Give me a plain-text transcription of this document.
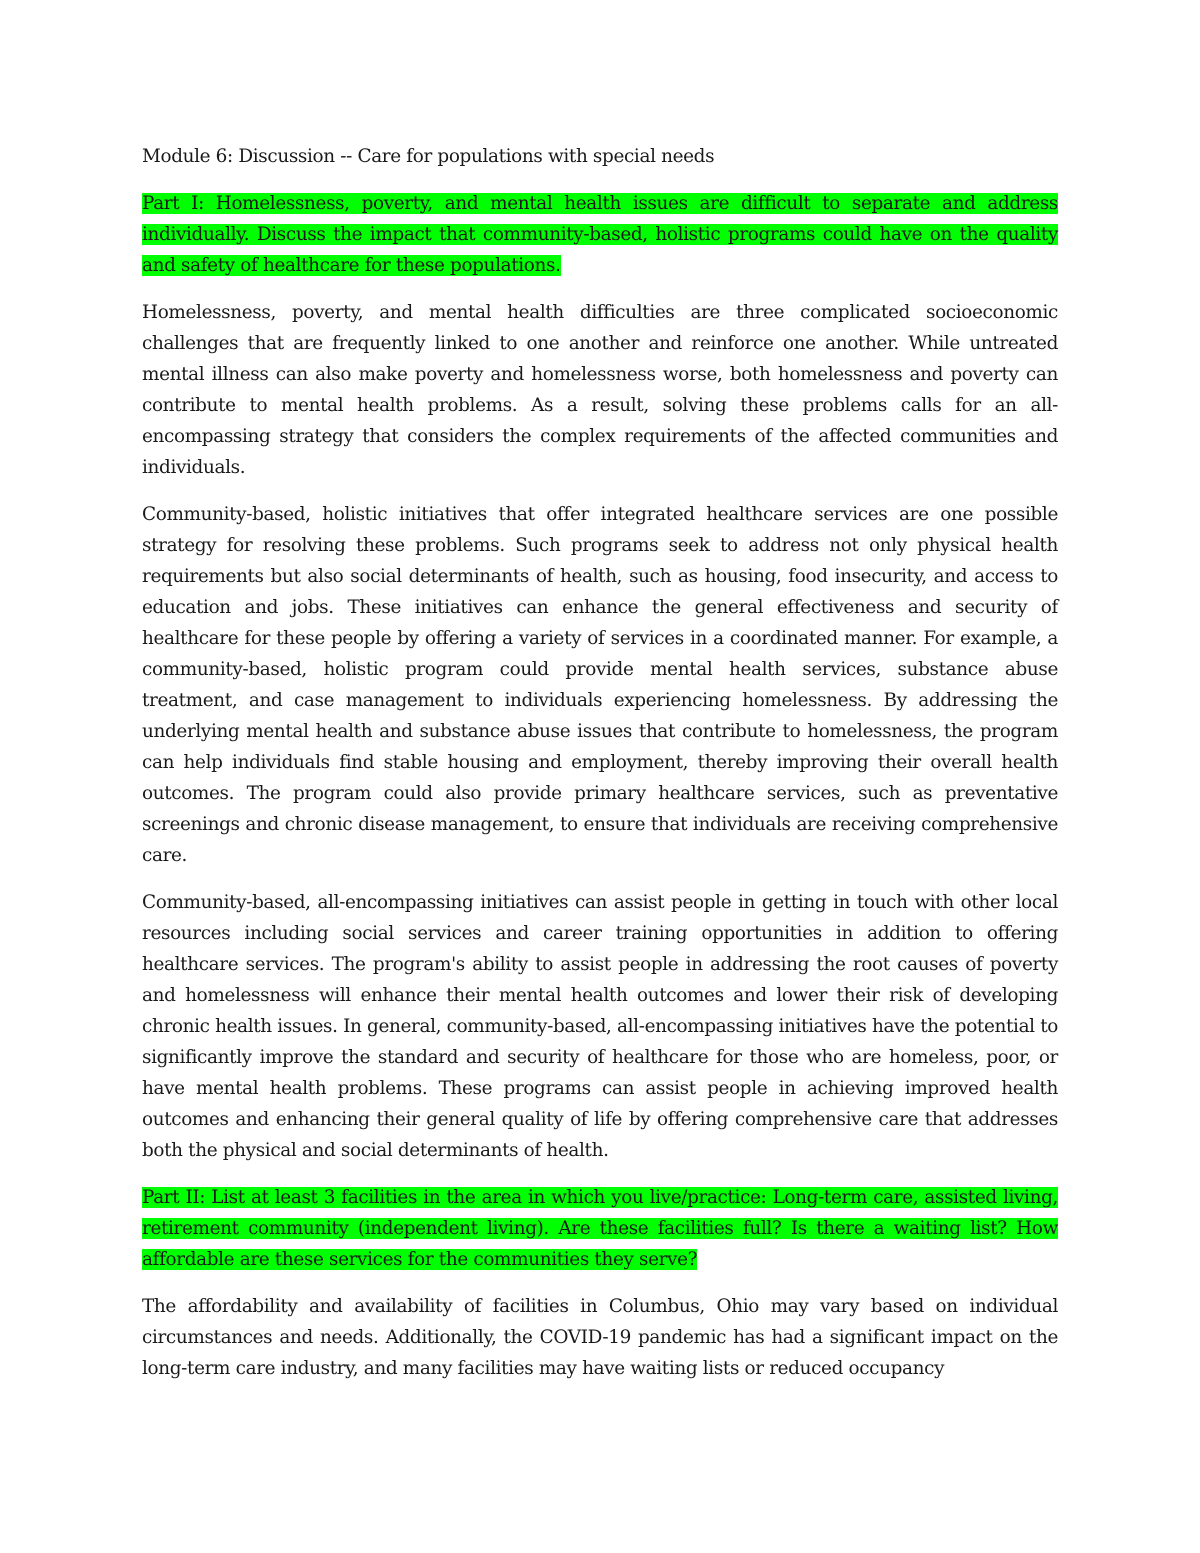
Module 6: Discussion -- Care for populations with special needs

Part I: Homelessness, poverty, and mental health issues are difficult to separate and address individually. Discuss the impact that community-based, holistic programs could have on the quality and safety of healthcare for these populations.

Homelessness, poverty, and mental health difficulties are three complicated socioeconomic challenges that are frequently linked to one another and reinforce one another. While untreated mental illness can also make poverty and homelessness worse, both homelessness and poverty can contribute to mental health problems. As a result, solving these problems calls for an all-encompassing strategy that considers the complex requirements of the affected communities and individuals.

Community-based, holistic initiatives that offer integrated healthcare services are one possible strategy for resolving these problems. Such programs seek to address not only physical health requirements but also social determinants of health, such as housing, food insecurity, and access to education and jobs. These initiatives can enhance the general effectiveness and security of healthcare for these people by offering a variety of services in a coordinated manner. For example, a community-based, holistic program could provide mental health services, substance abuse treatment, and case management to individuals experiencing homelessness. By addressing the underlying mental health and substance abuse issues that contribute to homelessness, the program can help individuals find stable housing and employment, thereby improving their overall health outcomes. The program could also provide primary healthcare services, such as preventative screenings and chronic disease management, to ensure that individuals are receiving comprehensive care.

Community-based, all-encompassing initiatives can assist people in getting in touch with other local resources including social services and career training opportunities in addition to offering healthcare services. The program's ability to assist people in addressing the root causes of poverty and homelessness will enhance their mental health outcomes and lower their risk of developing chronic health issues. In general, community-based, all-encompassing initiatives have the potential to significantly improve the standard and security of healthcare for those who are homeless, poor, or have mental health problems. These programs can assist people in achieving improved health outcomes and enhancing their general quality of life by offering comprehensive care that addresses both the physical and social determinants of health.

Part II: List at least 3 facilities in the area in which you live/practice: Long-term care, assisted living, retirement community (independent living). Are these facilities full? Is there a waiting list? How affordable are these services for the communities they serve?

The affordability and availability of facilities in Columbus, Ohio may vary based on individual circumstances and needs. Additionally, the COVID-19 pandemic has had a significant impact on the long-term care industry, and many facilities may have waiting lists or reduced occupancy
